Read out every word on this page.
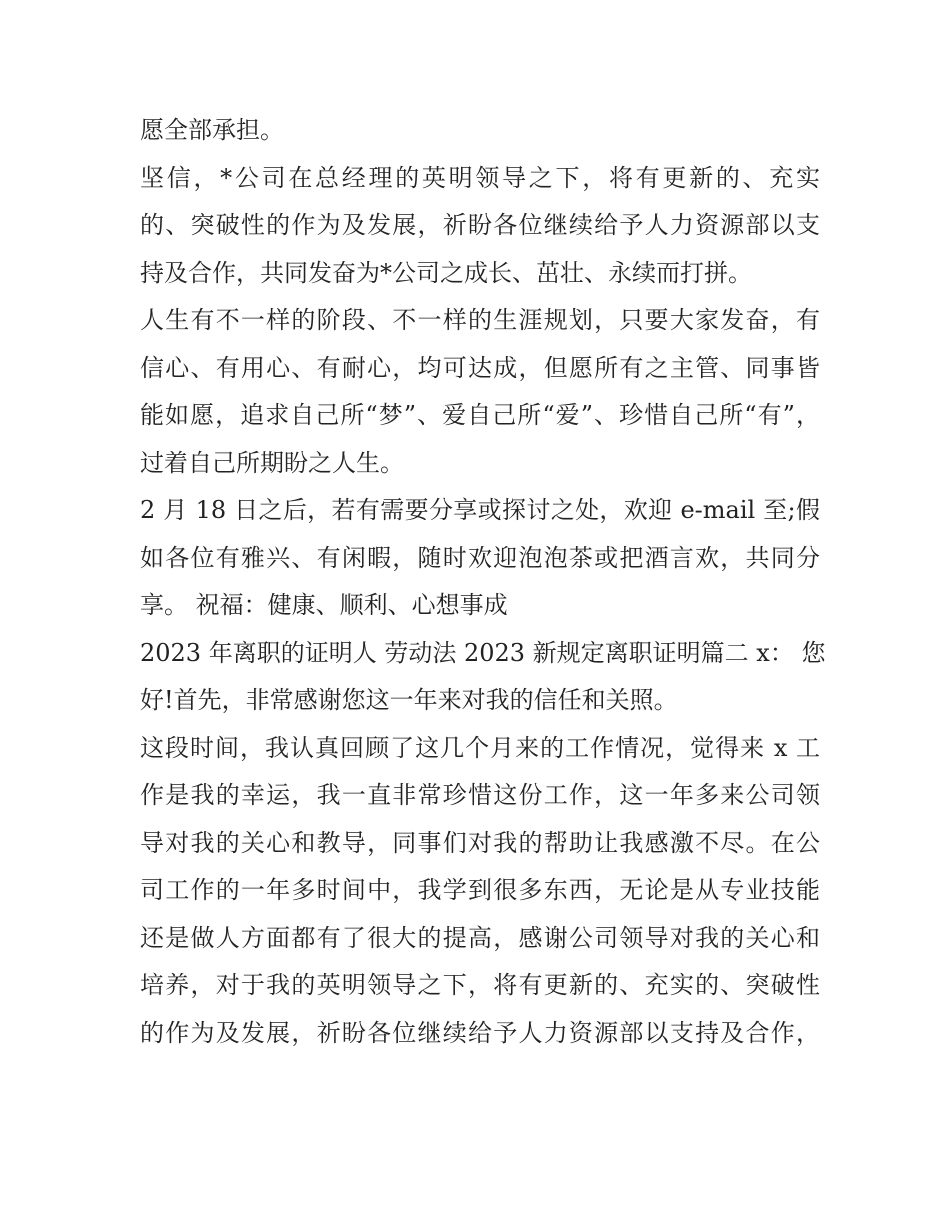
愿全部承担。
坚信，*公司在总经理的英明领导之下，将有更新的、充实
的、突破性的作为及发展，祈盼各位继续给予人力资源部以支
持及合作，共同发奋为*公司之成长、茁壮、永续而打拼。
人生有不一样的阶段、不一样的生涯规划，只要大家发奋，有
信心、有用心、有耐心，均可达成，但愿所有之主管、同事皆
能如愿，追求自己所“梦”、爱自己所“爱”、珍惜自己所“有”，
过着自己所期盼之人生。
2 月 18 日之后，若有需要分享或探讨之处，欢迎 e-mail 至;假
如各位有雅兴、有闲暇，随时欢迎泡泡茶或把酒言欢，共同分
享。 祝福：健康、顺利、心想事成
2023 年离职的证明人 劳动法 2023 新规定离职证明篇二 x： 您
好!首先，非常感谢您这一年来对我的信任和关照。
这段时间，我认真回顾了这几个月来的工作情况，觉得来 x 工
作是我的幸运，我一直非常珍惜这份工作，这一年多来公司领
导对我的关心和教导，同事们对我的帮助让我感激不尽。在公
司工作的一年多时间中，我学到很多东西，无论是从专业技能
还是做人方面都有了很大的提高，感谢公司领导对我的关心和
培养，对于我的英明领导之下，将有更新的、充实的、突破性
的作为及发展，祈盼各位继续给予人力资源部以支持及合作，
